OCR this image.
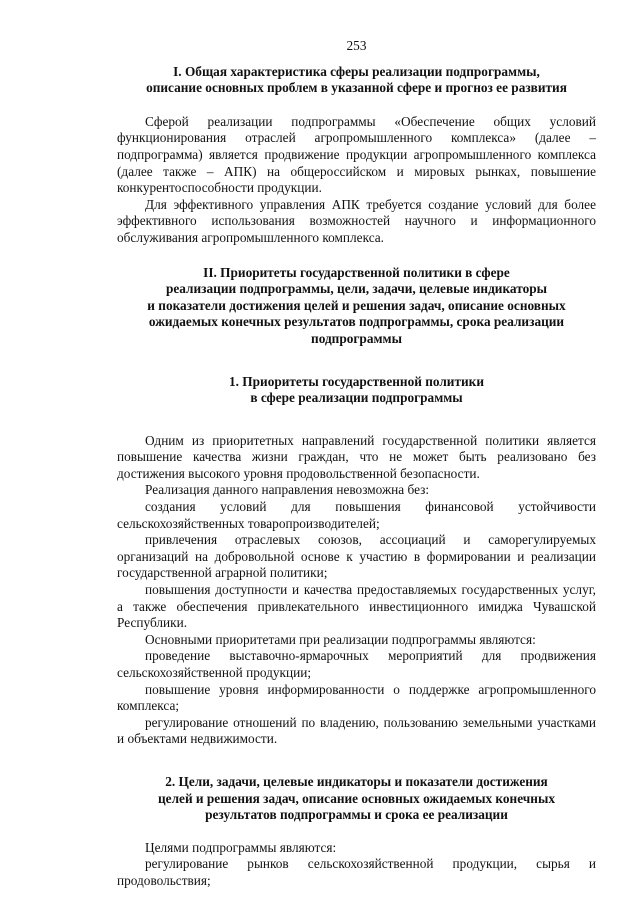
253
I. Общая характеристика сферы реализации подпрограммы,
описание основных проблем в указанной сфере и прогноз ее развития

Сферой реализации подпрограммы «Обеспечение общих условий функционирования отраслей агропромышленного комплекса» (далее – подпрограмма) является продвижение продукции агропромышленного комплекса (далее также – АПК) на общероссийском и мировых рынках, повышение конкурентоспособности продукции.

Для эффективного управления АПК требуется создание условий для более эффективного использования возможностей научного и информационного обслуживания агропромышленного комплекса.

II. Приоритеты государственной политики в сфере
реализации подпрограммы, цели, задачи, целевые индикаторы
и показатели достижения целей и решения задач, описание основных
ожидаемых конечных результатов подпрограммы, срока реализации
подпрограммы
1. Приоритеты государственной политики
в сфере реализации подпрограммы

Одним из приоритетных направлений государственной политики является повышение качества жизни граждан, что не может быть реализовано без достижения высокого уровня продовольственной безопасности.

Реализация данного направления невозможна без:

создания условий для повышения финансовой устойчивости сельскохозяйственных товаропроизводителей;

привлечения отраслевых союзов, ассоциаций и саморегулируемых организаций на добровольной основе к участию в формировании и реализации государственной аграрной политики;

повышения доступности и качества предоставляемых государственных услуг, а также обеспечения привлекательного инвестиционного имиджа Чувашской Республики.

Основными приоритетами при реализации подпрограммы являются:

проведение выставочно-ярмарочных мероприятий для продвижения сельскохозяйственной продукции;

повышение уровня информированности о поддержке агропромышленного комплекса;

регулирование отношений по владению, пользованию земельными участками и объектами недвижимости.

2. Цели, задачи, целевые индикаторы и показатели достижения
целей и решения задач, описание основных ожидаемых конечных
результатов подпрограммы и срока ее реализации

Целями подпрограммы являются:

регулирование рынков сельскохозяйственной продукции, сырья и продовольствия;
